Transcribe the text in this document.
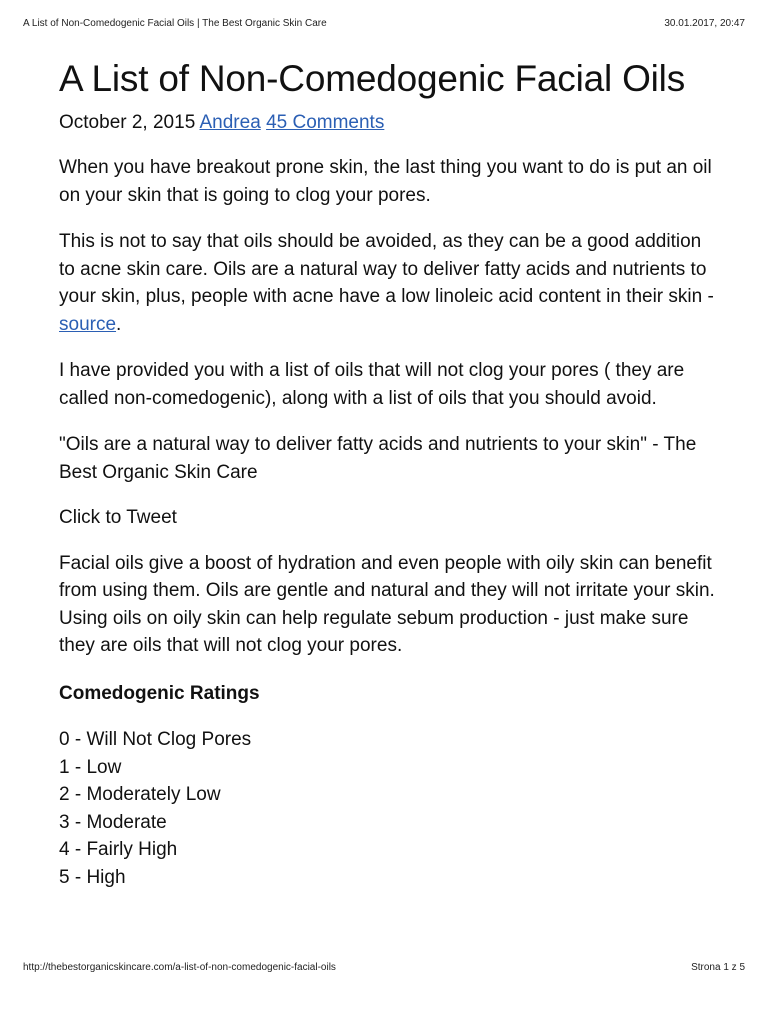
A List of Non-Comedogenic Facial Oils | The Best Organic Skin Care	30.01.2017, 20:47
A List of Non-Comedogenic Facial Oils
October 2, 2015 Andrea 45 Comments

When you have breakout prone skin, the last thing you want to do is put an oil on your skin that is going to clog your pores.

This is not to say that oils should be avoided, as they can be a good addition to acne skin care. Oils are a natural way to deliver fatty acids and nutrients to your skin, plus, people with acne have a low linoleic acid content in their skin - source.

I have provided you with a list of oils that will not clog your pores ( they are called non-comedogenic), along with a list of oils that you should avoid.

"Oils are a natural way to deliver fatty acids and nutrients to your skin" - The Best Organic Skin Care

Click to Tweet

Facial oils give a boost of hydration and even people with oily skin can benefit from using them. Oils are gentle and natural and they will not irritate your skin. Using oils on oily skin can help regulate sebum production - just make sure they are oils that will not clog your pores.

Comedogenic Ratings
0 - Will Not Clog Pores
1 - Low
2 - Moderately Low
3 - Moderate
4 - Fairly High
5 - High
http://thebestorganicskincare.com/a-list-of-non-comedogenic-facial-oils	Strona 1 z 5
